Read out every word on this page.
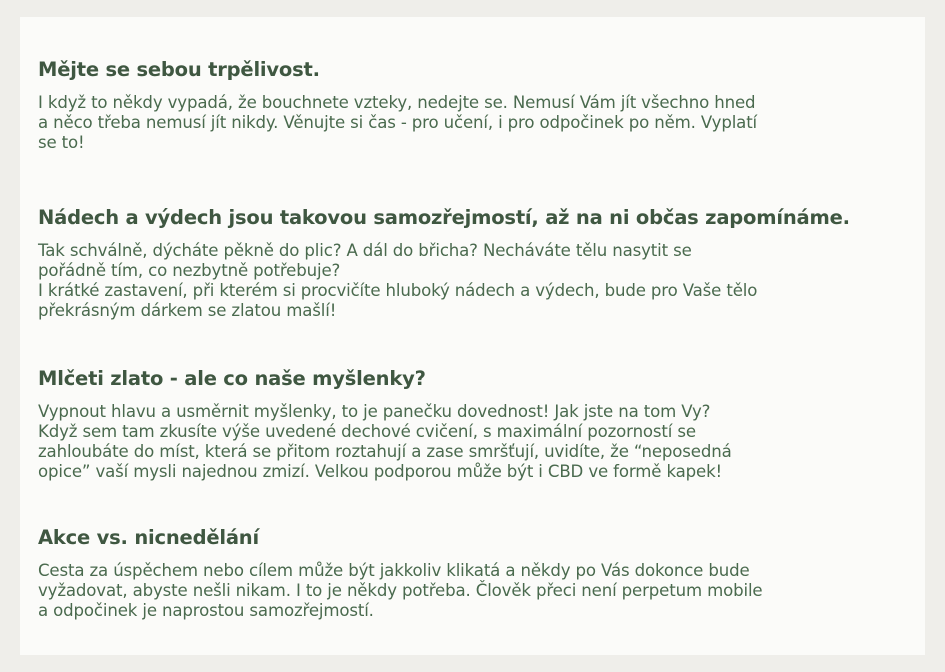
Mějte se sebou trpělivost.

I když to někdy vypadá, že bouchnete vzteky, nedejte se. Nemusí Vám jít všechno hned
a něco třeba nemusí jít nikdy. Věnujte si čas - pro učení, i pro odpočinek po něm. Vyplatí
se to!

Nádech a výdech jsou takovou samozřejmostí, až na ni občas zapomínáme.

Tak schválně, dýcháte pěkně do plic? A dál do břicha? Necháváte tělu nasytit se
pořádně tím, co nezbytně potřebuje?
I krátké zastavení, při kterém si procvičíte hluboký nádech a výdech, bude pro Vaše tělo
překrásným dárkem se zlatou mašlí!

Mlčeti zlato - ale co naše myšlenky?

Vypnout hlavu a usměrnit myšlenky, to je panečku dovednost! Jak jste na tom Vy?
Když sem tam zkusíte výše uvedené dechové cvičení, s maximální pozorností se
zahloubáte do míst, která se přitom roztahují a zase smršťují, uvidíte, že “neposedná
opice” vaší mysli najednou zmizí. Velkou podporou může být i CBD ve formě kapek!

Akce vs. nicnedělání

Cesta za úspěchem nebo cílem může být jakkoliv klikatá a někdy po Vás dokonce bude
vyžadovat, abyste nešli nikam. I to je někdy potřeba. Člověk přeci není perpetum mobile
a odpočinek je naprostou samozřejmostí.
